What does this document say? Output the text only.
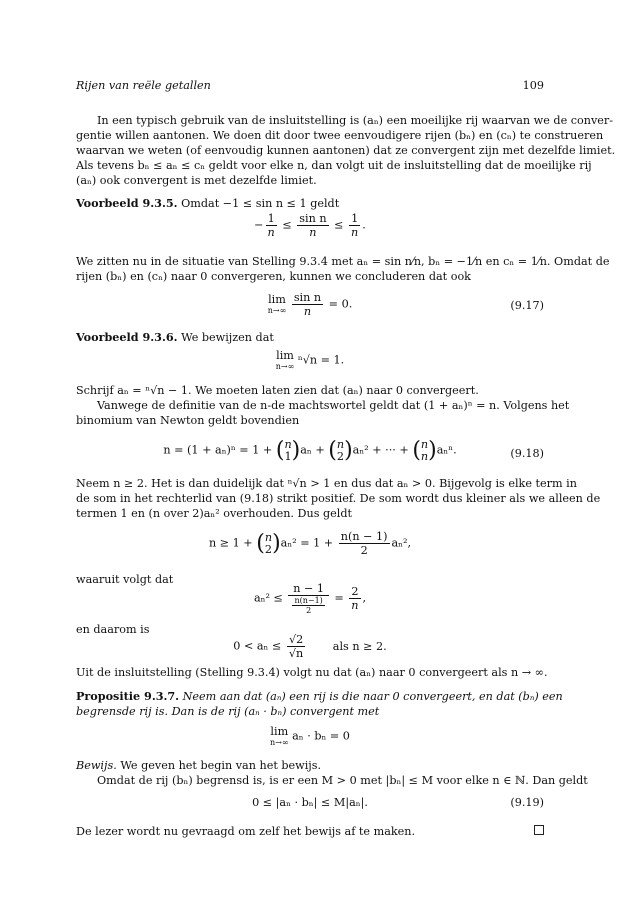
Rijen van reële getallen	109
In een typisch gebruik van de insluitstelling is (aₙ) een moeilijke rij waarvan we de conver-
gentie willen aantonen. We doen dit door twee eenvoudigere rijen (bₙ) en (cₙ) te construeren
waarvan we weten (of eenvoudig kunnen aantonen) dat ze convergent zijn met dezelfde limiet.
Als tevens bₙ ≤ aₙ ≤ cₙ geldt voor elke n, dan volgt uit de insluitstelling dat de moeilijke rij
(aₙ) ook convergent is met dezelfde limiet.
Voorbeeld 9.3.5. Omdat −1 ≤ sin n ≤ 1 geldt
− $\frac{1}{n} \le \frac{\text{sin n}}{n} \le \frac{1}{n}$ .
We zitten nu in de situatie van Stelling 9.3.4 met aₙ = sin n⁄n, bₙ = −1⁄n en cₙ = 1⁄n. Omdat de
rijen (bₙ) en (cₙ) naar 0 convergeren, kunnen we concluderen dat ook
lim
n→∞
$\frac{\text{sin n}}{n} = 0$.	(9.17)
Voorbeeld 9.3.6. We bewijzen dat
lim
n→∞ ⁿ√n = 1.
Schrijf aₙ = ⁿ√n − 1. We moeten laten zien dat (aₙ) naar 0 convergeert.
Vanwege de definitie van de n-de machtswortel geldt dat (1 + aₙ)ⁿ = n. Volgens het
binomium van Newton geldt bovendien
n = (1 + aₙ)ⁿ = 1 + ( n
1 )aₙ + ( n
2 )aₙ² + ··· + ( n
n )aₙⁿ.	(9.18)
Neem n ≥ 2. Het is dan duidelijk dat ⁿ√n > 1 en dus dat aₙ > 0. Bijgevolg is elke term in
de som in het rechterlid van (9.18) strikt positief. De som wordt dus kleiner als we alleen de
termen 1 en (n over 2)aₙ² overhouden. Dus geldt
n ≥ 1 + ( n
2 )$a_n^2 = 1 + \frac{n(n - 1)}{2} a_n^2$,
waaruit volgt dat
$a_n^2 \le \frac{n - 1}{\frac{n(n-1)}{2}} = \frac{2}{n}$ ,
en daarom is
$0 < a_n \le \frac{√2}{√n}$ als n ≥ 2.
Uit de insluitstelling (Stelling 9.3.4) volgt nu dat (aₙ) naar 0 convergeert als n → ∞.
Propositie 9.3.7. Neem aan dat (aₙ) een rij is die naar 0 convergeert, en dat (bₙ) een
begrensde rij is. Dan is de rij (aₙ · bₙ) convergent met
lim
n→∞ aₙ · bₙ = 0
Bewijs. We geven het begin van het bewijs.
Omdat de rij (bₙ) begrensd is, is er een M > 0 met |bₙ| ≤ M voor elke n ∈ ℕ. Dan geldt
0 ≤ |aₙ · bₙ| ≤ M|aₙ|.	(9.19)
De lezer wordt nu gevraagd om zelf het bewijs af te maken.
